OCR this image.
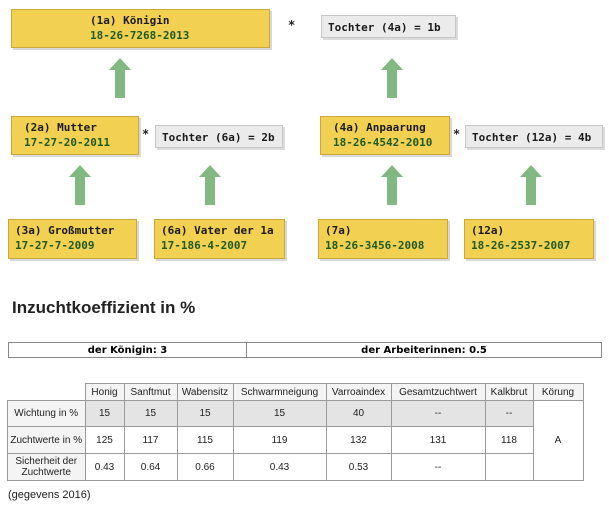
(1a) Königin
18-26-7268-2013
*	Tochter (4a) = 1b
(2a) Mutter
17-27-20-2011
*	Tochter (6a) = 2b
(4a) Anpaarung
18-26-4542-2010
*	Tochter (12a) = 4b
(3a) Großmutter
17-27-7-2009
(6a) Vater der 1a
17-186-4-2007
(7a)
18-26-3456-2008
(12a)
18-26-2537-2007
Inzuchtkoeffizient in %
der Königin: 3	der Arbeiterinnen: 0.5
	Honig	Sanftmut	Wabensitz	Schwarmneigung	Varroaindex	Gesamtzuchtwert	Kalkbrut	Körung
Wichtung in %	15	15	15	15	40	--	--	A
Zuchtwerte in %	125	117	115	119	132	131	118	
Sicherheit der Zuchtwerte	0.43	0.64	0.66	0.43	0.53	--		
(gegevens 2016)
